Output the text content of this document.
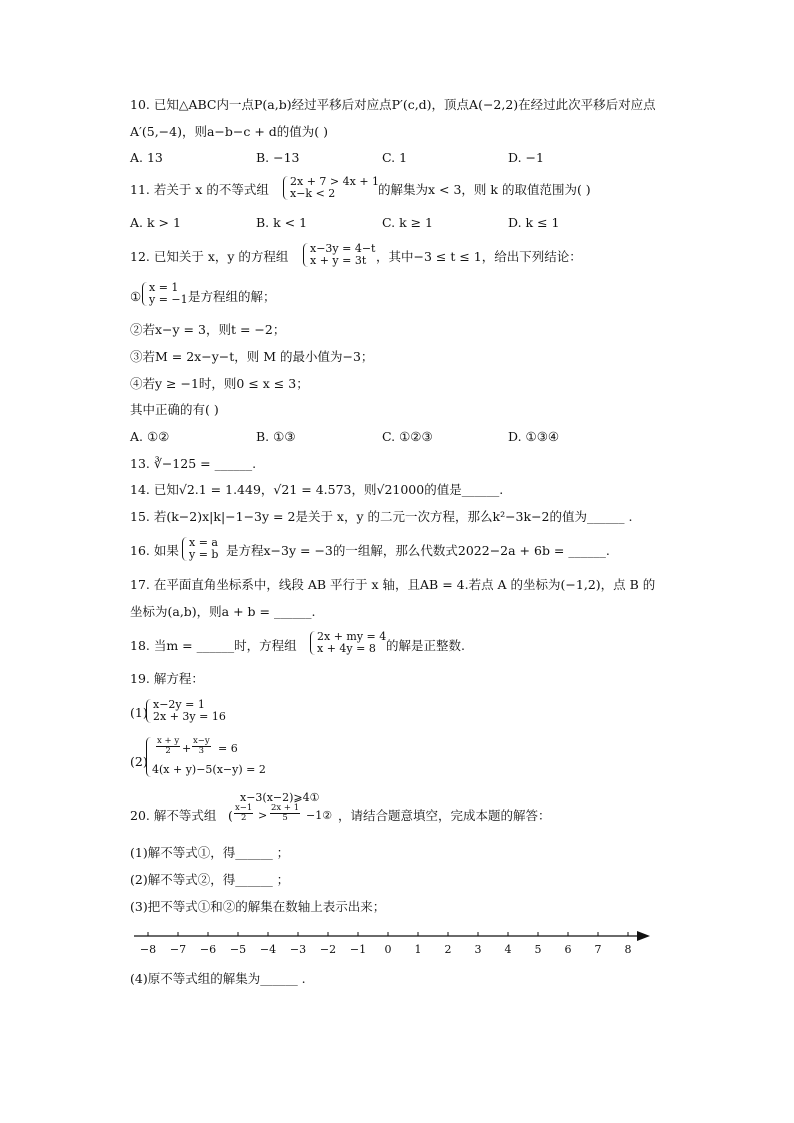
10. 已知△ABC内一点P(a,b)经过平移后对应点P′(c,d)，顶点A(−2,2)在经过此次平移后对应点
A′(5,−4)，则a−b−c + d的值为( )
A. 13	B. −13	C. 1	D. −1
11. 若关于 x 的不等式组
2x + 7 > 4x + 1
x−k < 2	的解集为x < 3，则 k 的取值范围为( )
A. k > 1	B. k < 1	C. k ≥ 1	D. k ≤ 1
12. 已知关于 x，y 的方程组
x−3y = 4−t
x + y = 3t ，其中−3 ≤ t ≤ 1，给出下列结论：
①
x = 1
y = −1 是方程组的解；
②若x−y = 3，则t = −2；
③若M = 2x−y−t，则 M 的最小值为−3；
④若y ≥ −1时，则0 ≤ x ≤ 3；
其中正确的有( )
A. ①②	B. ①③	C. ①②③	D. ①③④
13. ∛−125 = ______.
14. 已知√2.1 = 1.449，√21 = 4.573，则√21000的值是______.
15. 若(k−2)x|k|−1−3y = 2是关于 x，y 的二元一次方程，那么k²−3k−2的值为______ .
16. 如果
x = a
y = b 是方程x−3y = −3的一组解，那么代数式2022−2a + 6b = ______.
17. 在平面直角坐标系中，线段 AB 平行于 x 轴，且AB = 4.若点 A 的坐标为(−1,2)，点 B 的
坐标为(a,b)，则a + b = ______.
18. 当m = ______时，方程组
2x + my = 4
x + 4y = 8 的解是正整数.
19. 解方程：
(1)
x−2y = 1
2x + 3y = 16
(2)
$\frac{x + y}{2} + \frac{x-y}{3} = 6$
4(x + y)−5(x−y) = 2
20. 解不等式组
x−3(x−2)⩾4①
( $\frac{x-1}{2} > \frac{2x + 1}{5}$ −1② ，请结合题意填空，完成本题的解答：
(1)解不等式①，得______ ；
(2)解不等式②，得______ ；
(3)把不等式①和②的解集在数轴上表示出来；
−8 −7 −6 −5 −4 −3 −2 −1 0 1 2 3 4 5 6 7 8
(4)原不等式组的解集为______ .
